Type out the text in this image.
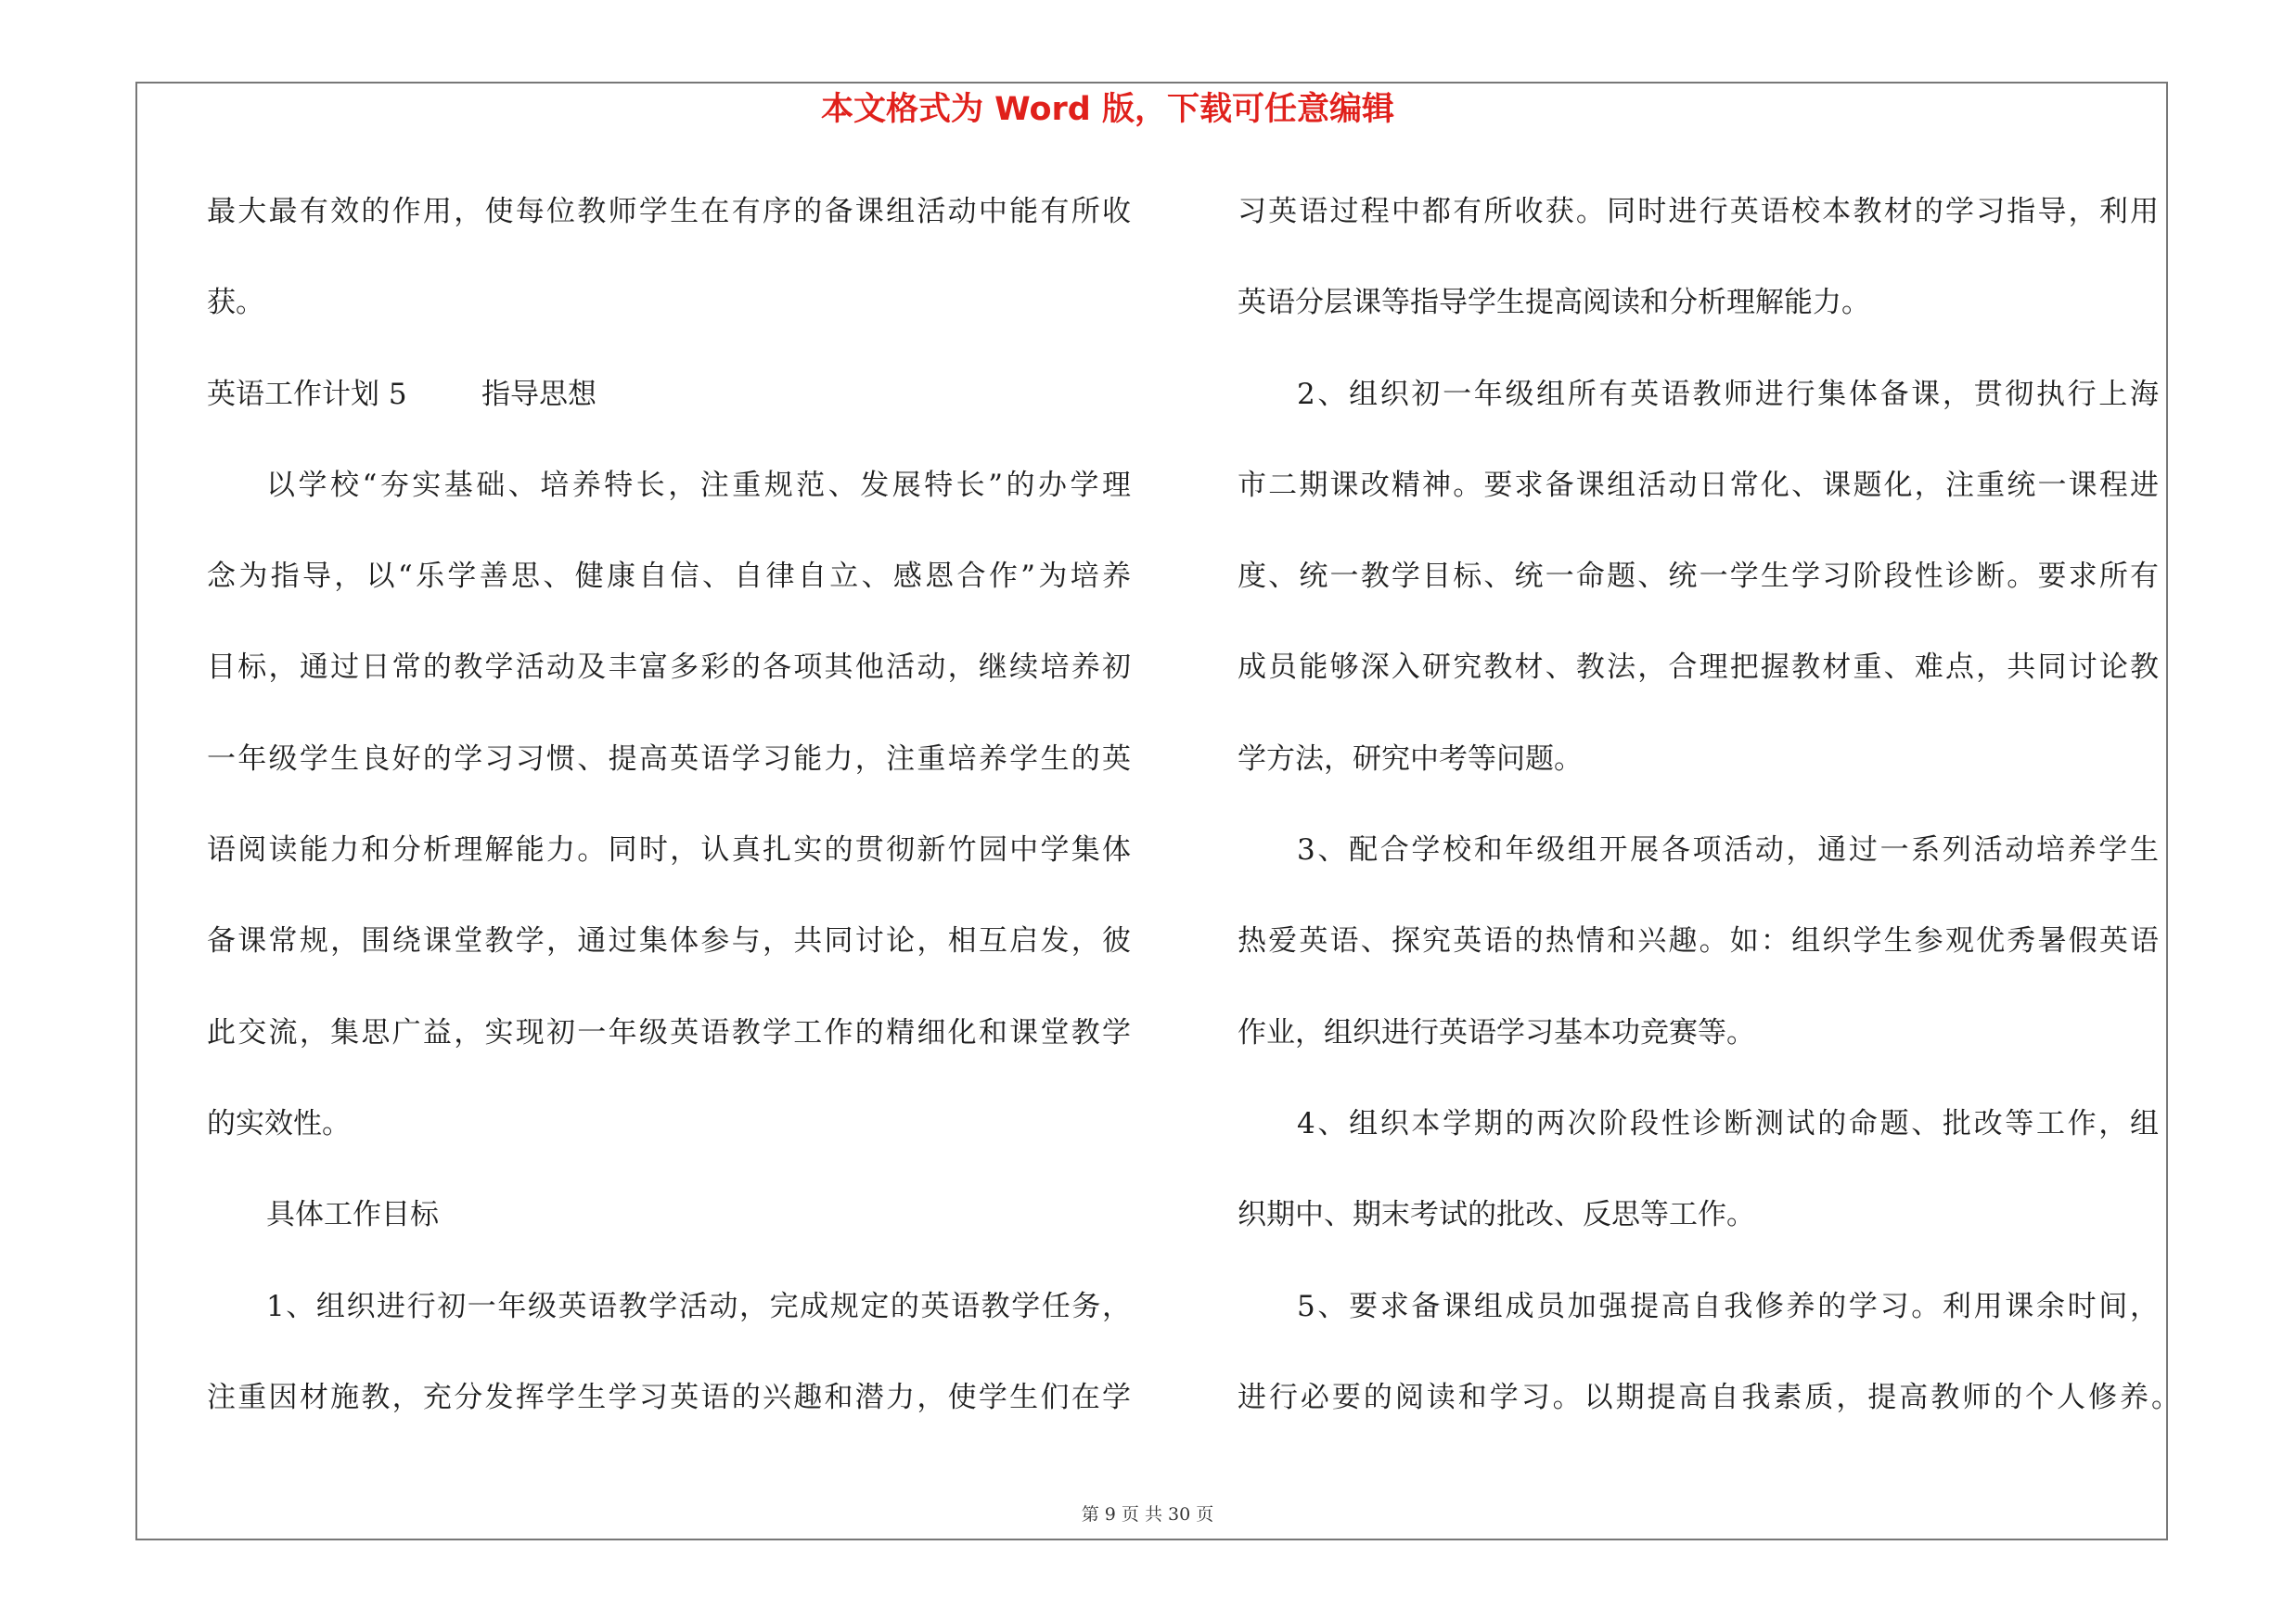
本文格式为 Word 版，下载可任意编辑
最大最有效的作用，使每位教师学生在有序的备课组活动中能有所收
获。
英语工作计划 5	指导思想
以学校“夯实基础、培养特长，注重规范、发展特长”的办学理
念为指导，以“乐学善思、健康自信、自律自立、感恩合作”为培养
目标，通过日常的教学活动及丰富多彩的各项其他活动，继续培养初
一年级学生良好的学习习惯、提高英语学习能力，注重培养学生的英
语阅读能力和分析理解能力。同时，认真扎实的贯彻新竹园中学集体
备课常规，围绕课堂教学，通过集体参与，共同讨论，相互启发，彼
此交流，集思广益，实现初一年级英语教学工作的精细化和课堂教学
的实效性。
具体工作目标
1、组织进行初一年级英语教学活动，完成规定的英语教学任务，
注重因材施教，充分发挥学生学习英语的兴趣和潜力，使学生们在学
习英语过程中都有所收获。同时进行英语校本教材的学习指导，利用
英语分层课等指导学生提高阅读和分析理解能力。
2、组织初一年级组所有英语教师进行集体备课，贯彻执行上海
市二期课改精神。要求备课组活动日常化、课题化，注重统一课程进
度、统一教学目标、统一命题、统一学生学习阶段性诊断。要求所有
成员能够深入研究教材、教法，合理把握教材重、难点，共同讨论教
学方法，研究中考等问题。
3、配合学校和年级组开展各项活动，通过一系列活动培养学生
热爱英语、探究英语的热情和兴趣。如：组织学生参观优秀暑假英语
作业，组织进行英语学习基本功竞赛等。
4、组织本学期的两次阶段性诊断测试的命题、批改等工作，组
织期中、期末考试的批改、反思等工作。
5、要求备课组成员加强提高自我修养的学习。利用课余时间，
进行必要的阅读和学习。以期提高自我素质，提高教师的个人修养。
第 9 页 共 30 页
